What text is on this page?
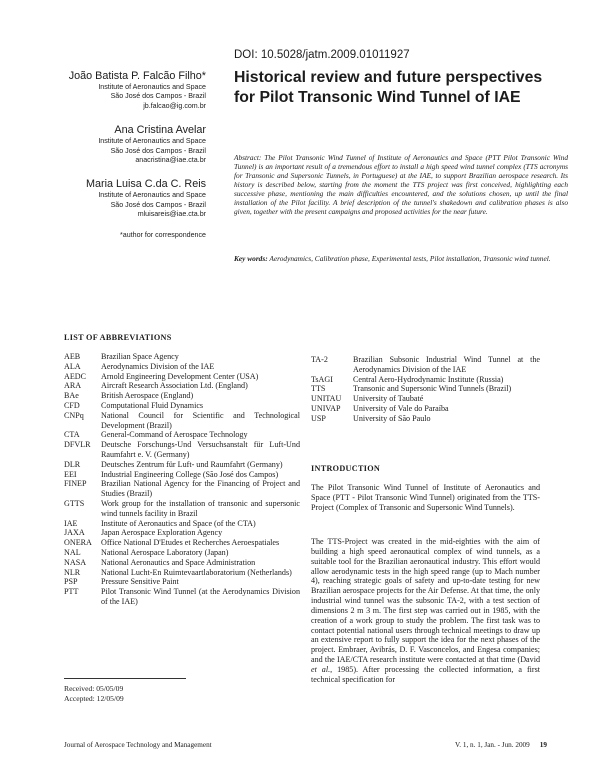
DOI: 10.5028/jatm.2009.01011927
João Batista P. Falcão Filho*
Institute of Aeronautics and Space
São José dos Campos - Brazil
jb.falcao@ig.com.br
Ana Cristina Avelar
Institute of Aeronautics and Space
São José dos Campos - Brazil
anacristina@iae.cta.br
Maria Luisa C.da C. Reis
Institute of Aeronautics and Space
São José dos Campos - Brazil
mluisareis@iae.cta.br
*author for correspondence
Historical review and future perspectives for Pilot Transonic Wind Tunnel of IAE
Abstract: The Pilot Transonic Wind Tunnel of Institute of Aeronautics and Space (PTT Pilot Transonic Wind Tunnel) is an important result of a tremendous effort to install a high speed wind tunnel complex (TTS acronyms for Transonic and Supersonic Tunnels, in Portuguese) at the IAE, to support Brazilian aerospace research. Its history is described below, starting from the moment the TTS project was first conceived, highlighting each successive phase, mentioning the main difficulties encountered, and the solutions chosen, up until the final installation of the Pilot facility. A brief description of the tunnel's shakedown and calibration phases is also given, together with the present campaigns and proposed activities for the near future.
Key words: Aerodynamics, Calibration phase, Experimental tests, Pilot installation, Transonic wind tunnel.
LIST OF ABBREVIATIONS
AEB	Brazilian Space Agency
ALA	Aerodynamics Division of the IAE
AEDC	Arnold Engineering Development Center (USA)
ARA	Aircraft Research Association Ltd. (England)
BAe	British Aerospace (England)
CFD	Computational Fluid Dynamics
CNPq	National Council for Scientific and Technological Development (Brazil)
CTA	General-Command of Aerospace Technology
DFVLR	Deutsche Forschungs-Und Versuchsanstalt für Luft-Und Raumfahrt e. V. (Germany)
DLR	Deutsches Zentrum für Luft- und Raumfahrt (Germany)
EEI	Industrial Engineering College (São José dos Campos)
FINEP	Brazilian National Agency for the Financing of Project and Studies (Brazil)
GTTS	Work group for the installation of transonic and supersonic wind tunnels facility in Brazil
IAE	Institute of Aeronautics and Space (of the CTA)
JAXA	Japan Aerospace Exploration Agency
ONERA	Office National D'Etudes et Recherches Aeroespatiales
NAL	National Aerospace Laboratory (Japan)
NASA	National Aeronautics and Space Administration
NLR	National Lucht-En Ruimtevaartlaboratorium (Netherlands)
PSP	Pressure Sensitive Paint
PTT	Pilot Transonic Wind Tunnel (at the Aerodynamics Division of the IAE)
TA-2	Brazilian Subsonic Industrial Wind Tunnel at the Aerodynamics Division of the IAE
TsAGI	Central Aero-Hydrodynamic Institute (Russia)
TTS	Transonic and Supersonic Wind Tunnels (Brazil)
UNITAU	University of Taubaté
UNIVAP	University of Vale do Paraíba
USP	University of São Paulo
INTRODUCTION
The Pilot Transonic Wind Tunnel of Institute of Aeronautics and Space (PTT - Pilot Transonic Wind Tunnel) originated from the TTS-Project (Complex of Transonic and Supersonic Wind Tunnels).
The TTS-Project was created in the mid-eighties with the aim of building a high speed aeronautical complex of wind tunnels, as a suitable tool for the Brazilian aeronautical industry. This effort would allow aerodynamic tests in the high speed range (up to Mach number 4), reaching strategic goals of safety and up-to-date testing for new Brazilian aerospace projects for the Air Defense. At that time, the only industrial wind tunnel was the subsonic TA-2, with a test section of dimensions 2 m 3 m. The first step was carried out in 1985, with the creation of a work group to study the problem. The first task was to contact potential national users through technical meetings to draw up an extensive report to fully support the idea for the next phases of the project. Embraer, Avibrás, D. F. Vasconcelos, and Engesa companies; and the IAE/CTA research institute were contacted at that time (David et al., 1985). After processing the collected information, a first technical specification for
Received: 05/05/09
Accepted: 12/05/09
Journal of Aerospace Technology and Management	V. 1, n. 1, Jan. - Jun. 2009 19
